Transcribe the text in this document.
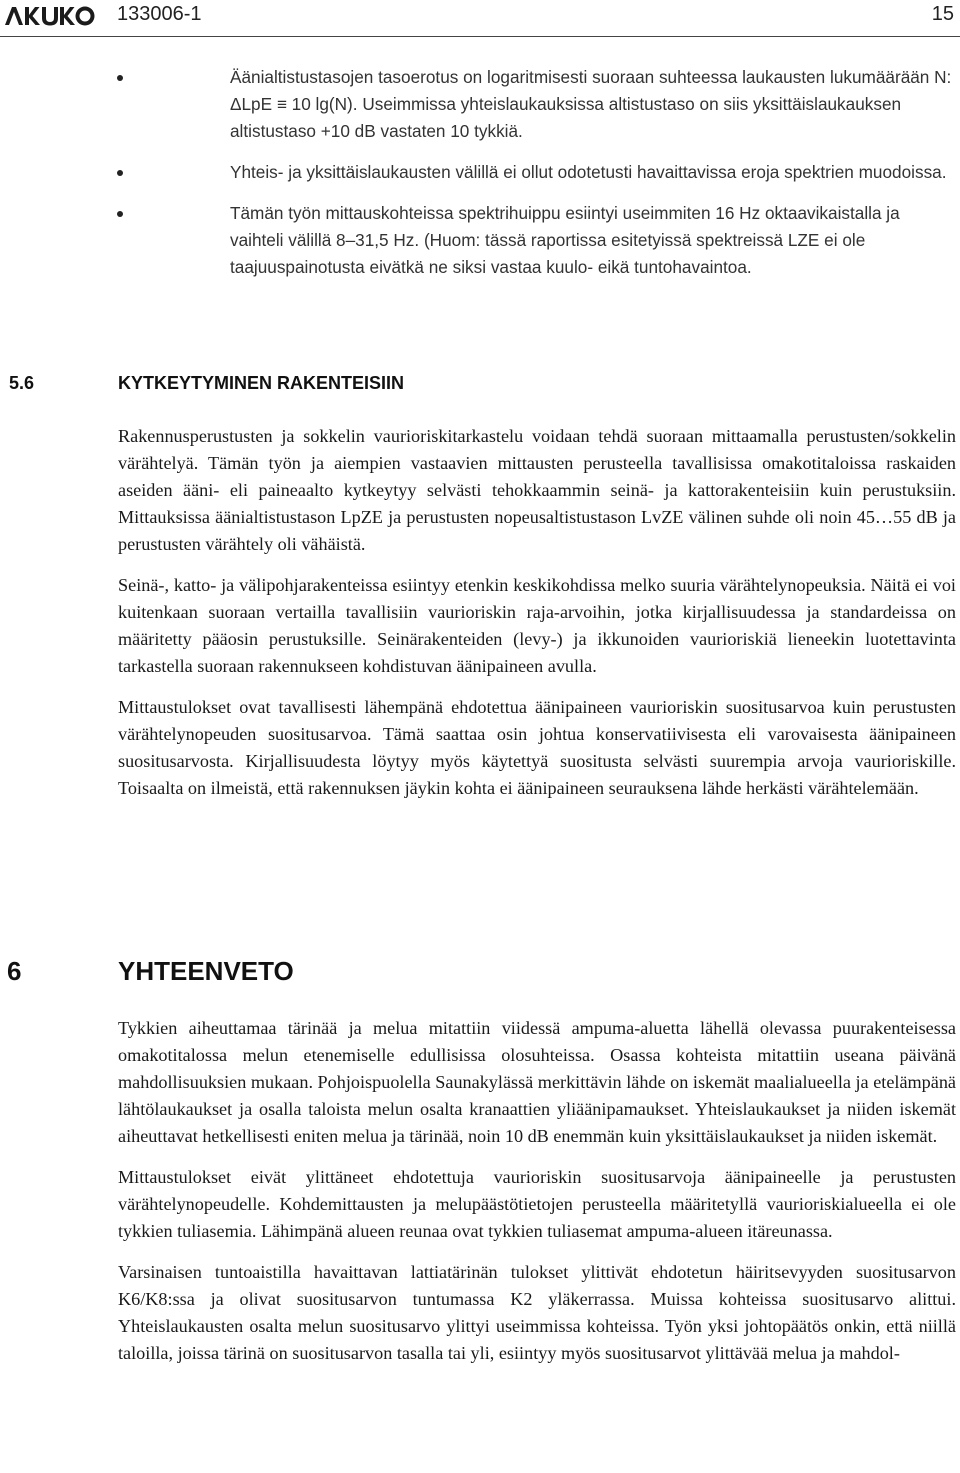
133006-1	15
Äänialtistustasojen tasoerotus on logaritmisesti suoraan suhteessa laukausten lukumäärään N: ΔLpE ≡ 10 lg(N). Useimmissa yhteislaukauksissa altistustaso on siis yksittäislaukauksen altistustaso +10 dB vastaten 10 tykkiä.
Yhteis- ja yksittäislaukausten välillä ei ollut odotetusti havaittavissa eroja spektrien muodoissa.
Tämän työn mittauskohteissa spektrihuippu esiintyi useimmiten 16 Hz oktaavikaistalla ja vaihteli välillä 8–31,5 Hz. (Huom: tässä raportissa esitetyissä spektreissä LZE ei ole taajuuspainotusta eivätkä ne siksi vastaa kuulo- eikä tuntohavaintoa.
5.6	KYTKEYTYMINEN RAKENTEISIIN

Rakennusperustusten ja sokkelin vaurioriskitarkastelu voidaan tehdä suoraan mittaamalla perustusten/sokkelin värähtelyä. Tämän työn ja aiempien vastaavien mittausten perusteella tavallisissa omakotitaloissa raskaiden aseiden ääni- eli paineaalto kytkeytyy selvästi tehokkaammin seinä- ja kattorakenteisiin kuin perustuksiin. Mittauksissa äänialtistustason LpZE ja perustusten nopeusaltistustason LvZE välinen suhde oli noin 45…55 dB ja perustusten värähtely oli vähäistä.

Seinä-, katto- ja välipohjarakenteissa esiintyy etenkin keskikohdissa melko suuria värähtelynopeuksia. Näitä ei voi kuitenkaan suoraan vertailla tavallisiin vaurioriskin raja-arvoihin, jotka kirjallisuudessa ja standardeissa on määritetty pääosin perustuksille. Seinärakenteiden (levy-) ja ikkunoiden vaurioriskiä lieneekin luotettavinta tarkastella suoraan rakennukseen kohdistuvan äänipaineen avulla.

Mittaustulokset ovat tavallisesti lähempänä ehdotettua äänipaineen vaurioriskin suositusarvoa kuin perustusten värähtelynopeuden suositusarvoa. Tämä saattaa osin johtua konservatiivisesta eli varovaisesta äänipaineen suositusarvosta. Kirjallisuudesta löytyy myös käytettyä suositusta selvästi suurempia arvoja vaurioriskille. Toisaalta on ilmeistä, että rakennuksen jäykin kohta ei äänipaineen seurauksena lähde herkästi värähtelemään.

6	YHTEENVETO

Tykkien aiheuttamaa tärinää ja melua mitattiin viidessä ampuma-aluetta lähellä olevassa puurakenteisessa omakotitalossa melun etenemiselle edullisissa olosuhteissa. Osassa kohteista mitattiin useana päivänä mahdollisuuksien mukaan. Pohjoispuolella Saunakylässä merkittävin lähde on iskemät maalialueella ja etelämpänä lähtölaukaukset ja osalla taloista melun osalta kranaattien yliäänipamaukset. Yhteislaukaukset ja niiden iskemät aiheuttavat hetkellisesti eniten melua ja tärinää, noin 10 dB enemmän kuin yksittäislaukaukset ja niiden iskemät.

Mittaustulokset eivät ylittäneet ehdotettuja vaurioriskin suositusarvoja äänipaineelle ja perustusten värähtelynopeudelle. Kohdemittausten ja melupäästötietojen perusteella määritetyllä vaurioriskialueella ei ole tykkien tuliasemia. Lähimpänä alueen reunaa ovat tykkien tuliasemat ampuma-alueen itäreunassa.

Varsinaisen tuntoaistilla havaittavan lattiatärinän tulokset ylittivät ehdotetun häiritsevyyden suositusarvon K6/K8:ssa ja olivat suositusarvon tuntumassa K2 yläkerrassa. Muissa kohteissa suositusarvo alittui. Yhteislaukausten osalta melun suositusarvo ylittyi useimmissa kohteissa. Työn yksi johtopäätös onkin, että niillä taloilla, joissa tärinä on suositusarvon tasalla tai yli, esiintyy myös suositusarvot ylittävää melua ja mahdol-
